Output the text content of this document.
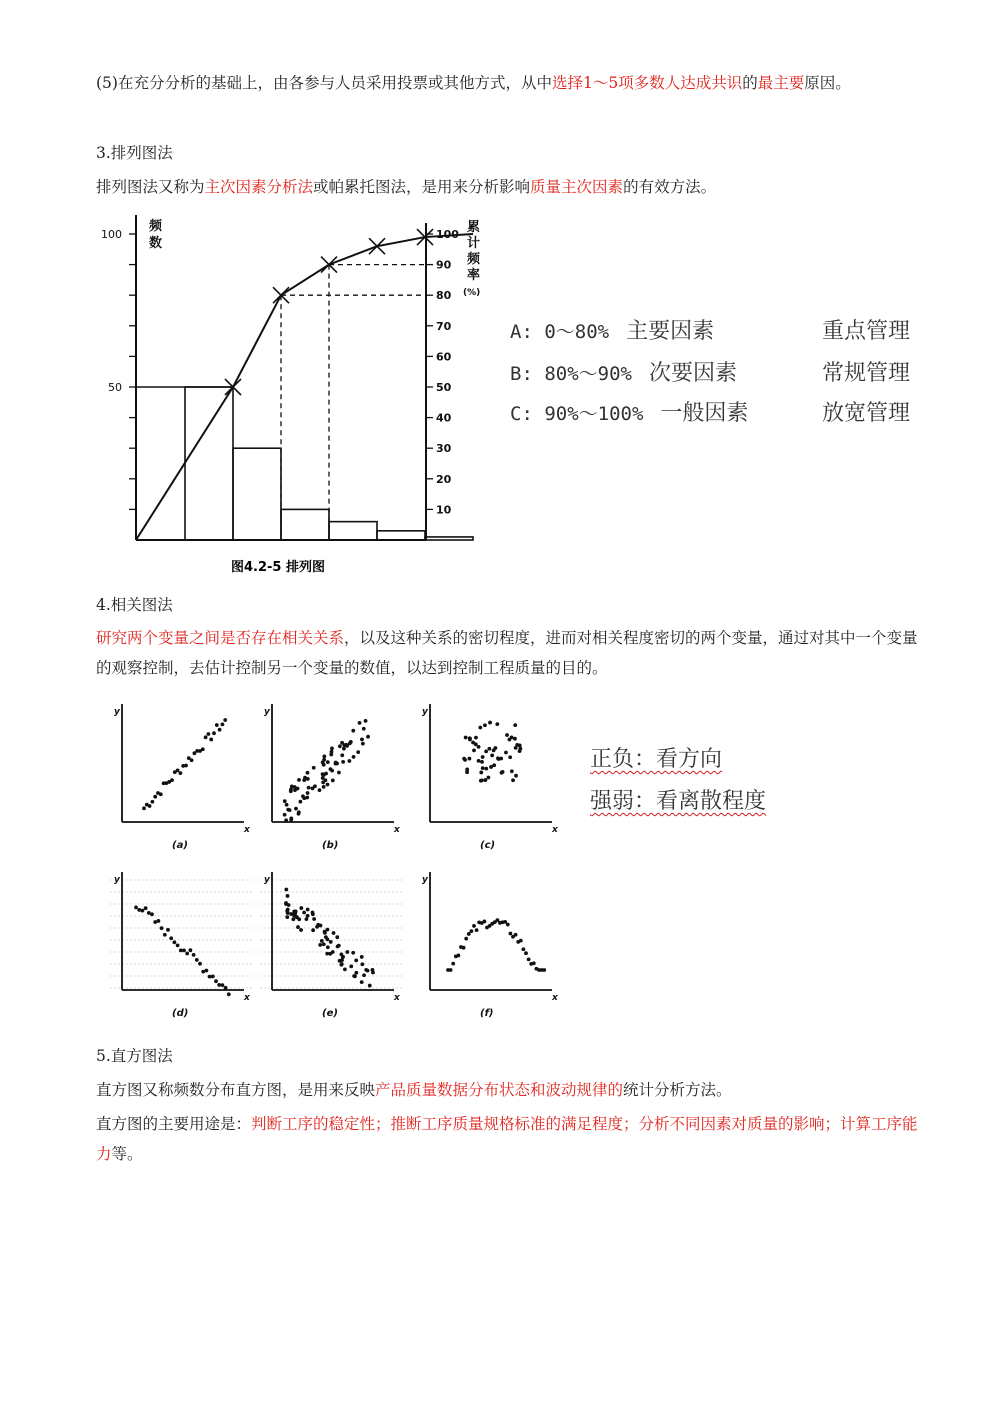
(5)在充分分析的基础上，由各参与人员采用投票或其他方式，从中选择1～5项多数人达成共识的最主要原因。

3.排列图法

排列图法又称为主次因素分析法或帕累托图法，是用来分析影响质量主次因素的有效方法。

100
50
100
90
80
70
60
50
40
30
20
10
频
数
累
计
频
率
(%)
图4.2-5 排列图
A: 0～80% 主要因素	重点管理
B: 80%～90% 次要因素	常规管理
C: 90%～100% 一般因素	放宽管理

4.相关图法

研究两个变量之间是否存在相关关系，以及这种关系的密切程度，进而对相关程度密切的两个变量，通过对其中一个变量的观察控制，去估计控制另一个变量的数值，以达到控制工程质量的目的。

y
x
(a)
y
x
(b)
y
x
(c)
y
x
(d)
y
x
(e)
y
x
(f)
正负：看方向
强弱：看离散程度

5.直方图法

直方图又称频数分布直方图，是用来反映产品质量数据分布状态和波动规律的统计分析方法。

直方图的主要用途是：判断工序的稳定性；推断工序质量规格标准的满足程度；分析不同因素对质量的影响；计算工序能力等。
